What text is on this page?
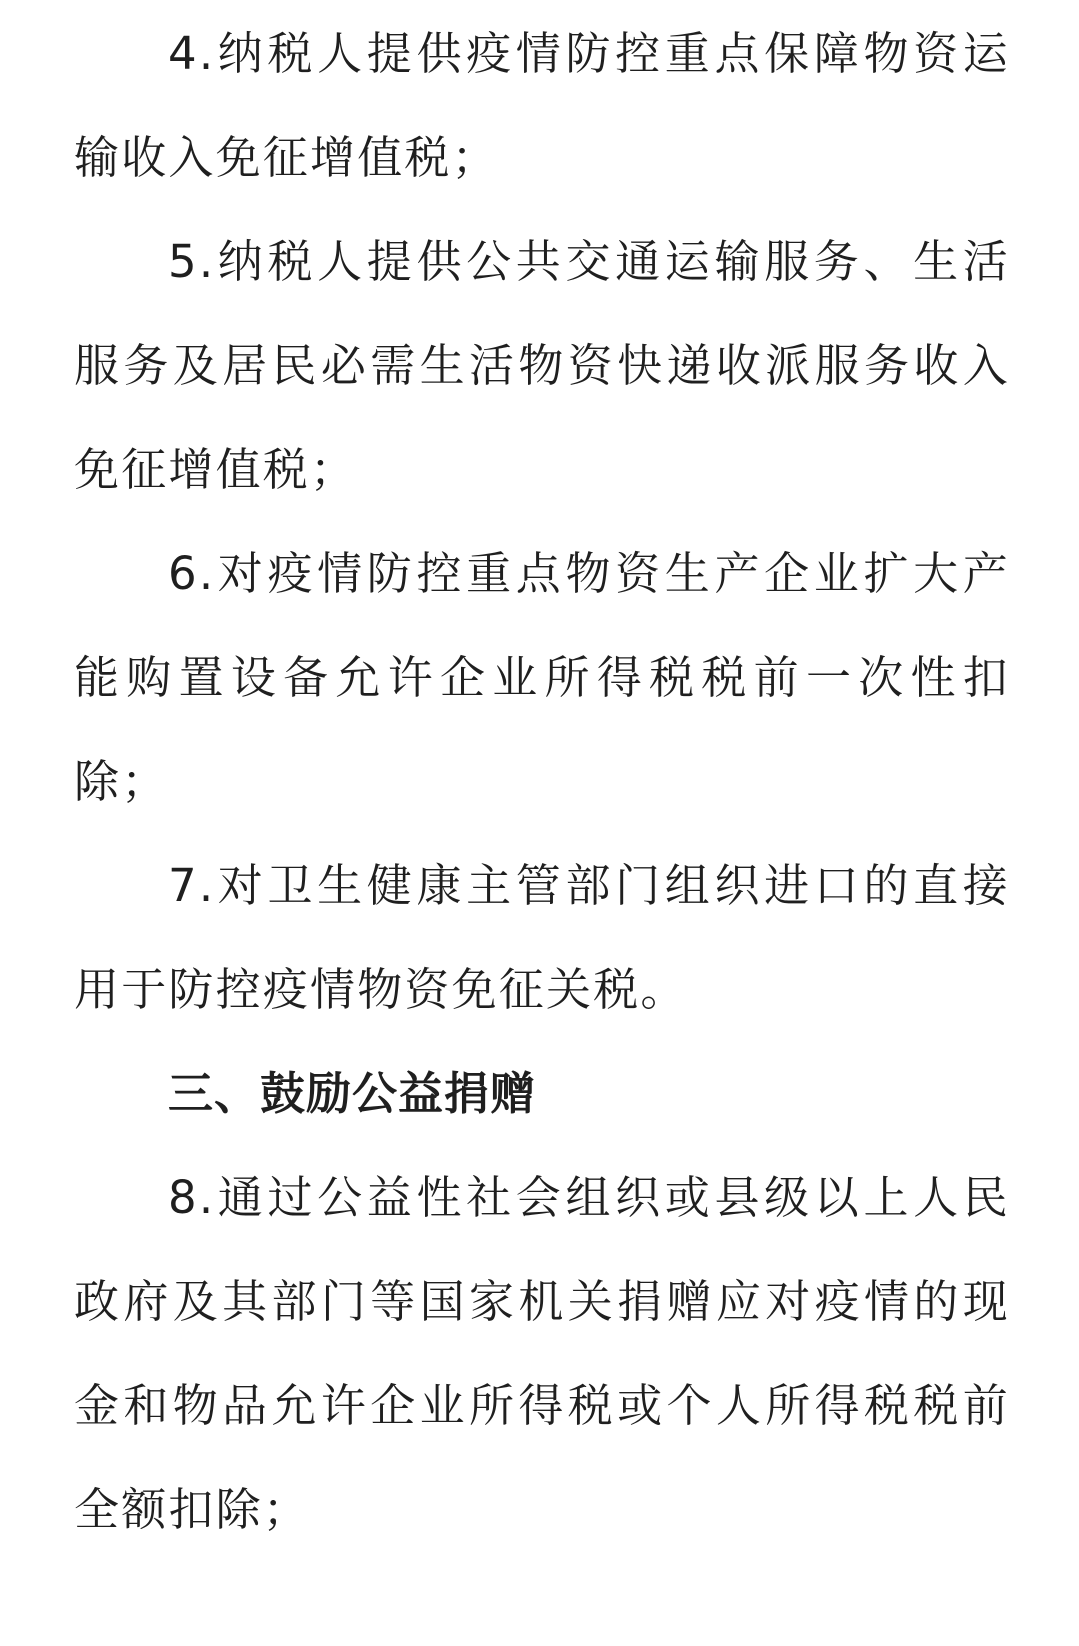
4.纳税人提供疫情防控重点保障物资运输收入免征增值税；

5.纳税人提供公共交通运输服务、生活服务及居民必需生活物资快递收派服务收入免征增值税；

6.对疫情防控重点物资生产企业扩大产能购置设备允许企业所得税税前一次性扣除；

7.对卫生健康主管部门组织进口的直接用于防控疫情物资免征关税。

三、鼓励公益捐赠

8.通过公益性社会组织或县级以上人民政府及其部门等国家机关捐赠应对疫情的现金和物品允许企业所得税或个人所得税税前全额扣除；
